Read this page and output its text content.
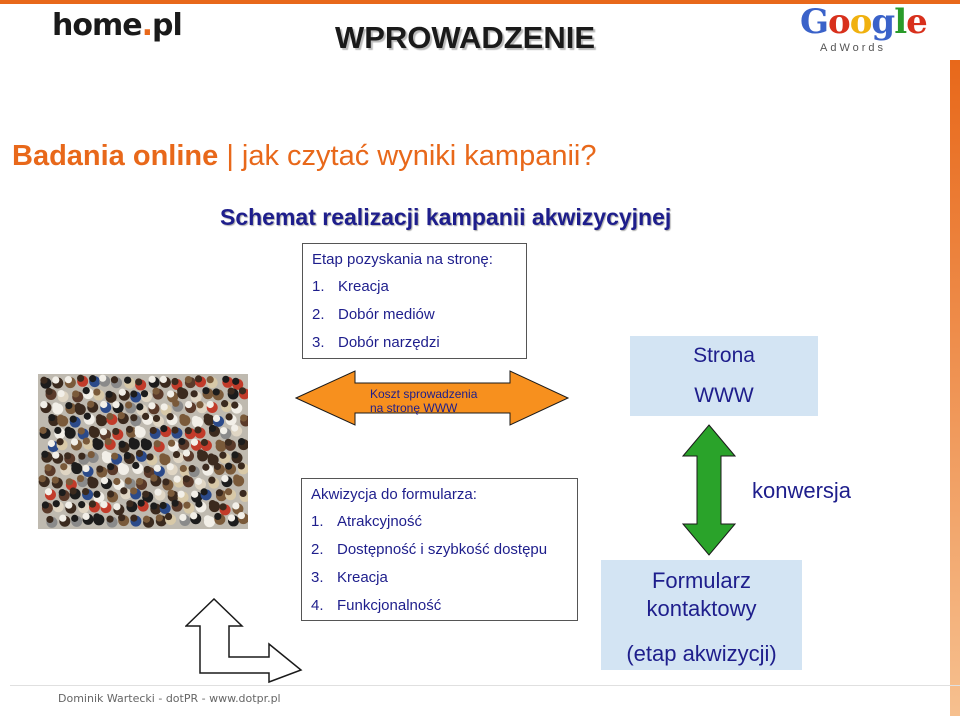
home.pl	WPROWADZENIE	Google
AdWords
Badania online | jak czytać wyniki kampanii?
Schemat realizacji kampanii akwizycyjnej
Etap pozyskania na stronę:
1. Kreacja
2. Dobór mediów
3. Dobór narzędzi
Koszt sprowadzenia
na stronę WWW
Strona
WWW
konwersja
Akwizycja do formularza:
1. Atrakcyjność
2. Dostępność i szybkość dostępu
3. Kreacja
4. Funkcjonalność
Formularz
kontaktowy
(etap akwizycji)
Dominik Wartecki - dotPR - www.dotpr.pl
